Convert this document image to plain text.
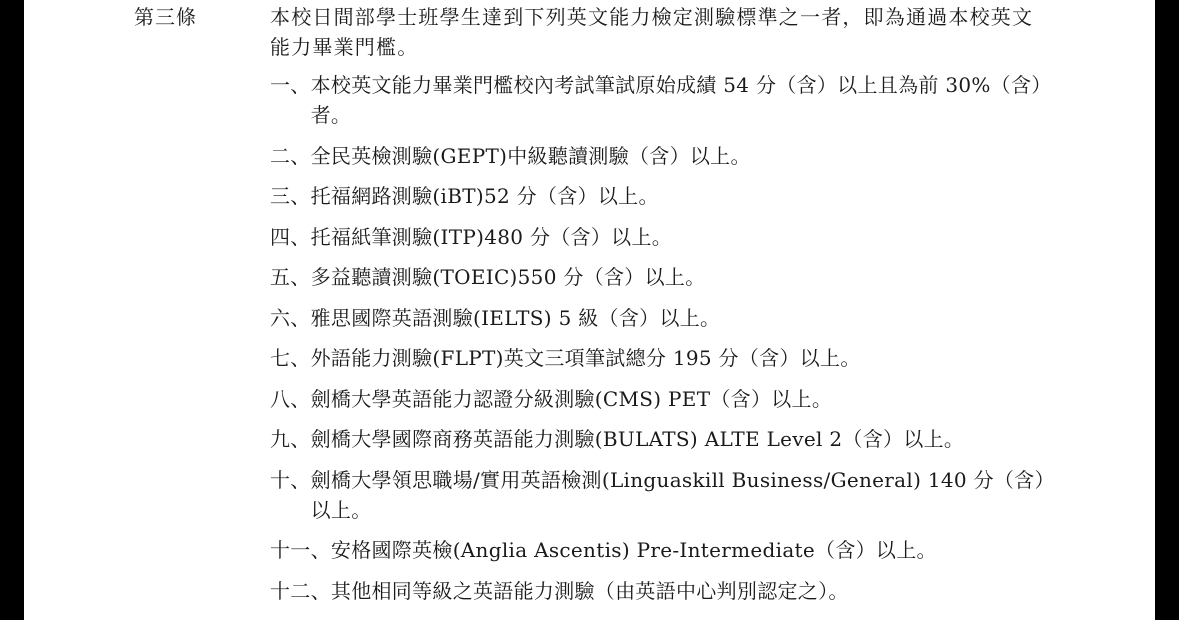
第三條	本校日間部學士班學生達到下列英文能力檢定測驗標準之一者，即為通過本校英文能力畢業門檻。

一、 本校英文能力畢業門檻校內考試筆試原始成績 54 分（含）以上且為前 30%（含）者。
二、 全民英檢測驗(GEPT)中級聽讀測驗（含）以上。
三、 托福網路測驗(iBT)52 分（含）以上。
四、 托福紙筆測驗(ITP)480 分（含）以上。
五、 多益聽讀測驗(TOEIC)550 分（含）以上。
六、 雅思國際英語測驗(IELTS) 5 級（含）以上。
七、 外語能力測驗(FLPT)英文三項筆試總分 195 分（含）以上。
八、 劍橋大學英語能力認證分級測驗(CMS) PET（含）以上。
九、 劍橋大學國際商務英語能力測驗(BULATS) ALTE Level 2（含）以上。
十、 劍橋大學領思職場/實用英語檢測(Linguaskill Business/General) 140 分（含）以上。
十一、 安格國際英檢(Anglia Ascentis) Pre-Intermediate（含）以上。
十二、 其他相同等級之英語能力測驗（由英語中心判別認定之）。
